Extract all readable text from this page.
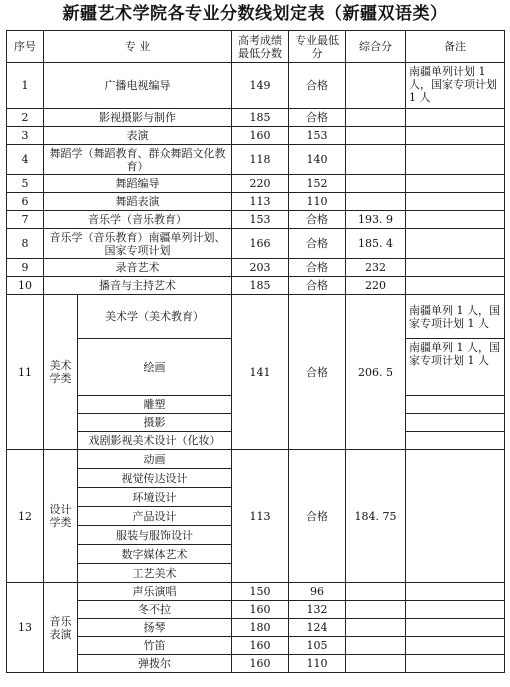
新疆艺术学院各专业分数线划定表（新疆双语类）
序号	专 业		高考成绩最低分数	专业最低分	综合分	备注
1	广播电视编导		149	合格		南疆单列计划 1 人，国家专项计划 1 人
2	影视摄影与制作		185	合格		
3	表演		160	153		
4	舞蹈学（舞蹈教育、群众舞蹈文化教育）		118	140		
5	舞蹈编导		220	152		
6	舞蹈表演		113	110		
7	音乐学（音乐教育）		153	合格	193. 9	
8	音乐学（音乐教育）南疆单列计划、国家专项计划		166	合格	185. 4	
9	录音艺术		203	合格	232	
10	播音与主持艺术		185	合格	220	
11	美术学类	美术学（美术教育）	141	合格	206. 5	南疆单列 1 人，国家专项计划 1 人
		绘画				南疆单列 1 人，国家专项计划 1 人
		雕塑				
		摄影				
		戏剧影视美术设计（化妆）				
12	设计学类	动画	113	合格	184. 75	
		视觉传达设计				
		环境设计				
		产品设计				
		服装与服饰设计				
		数字媒体艺术				
		工艺美术				
13	音乐表演	声乐演唱	150	96		
		冬不拉	160	132		
		扬琴	180	124		
		竹笛	160	105		
		弹拨尔	160	110		
